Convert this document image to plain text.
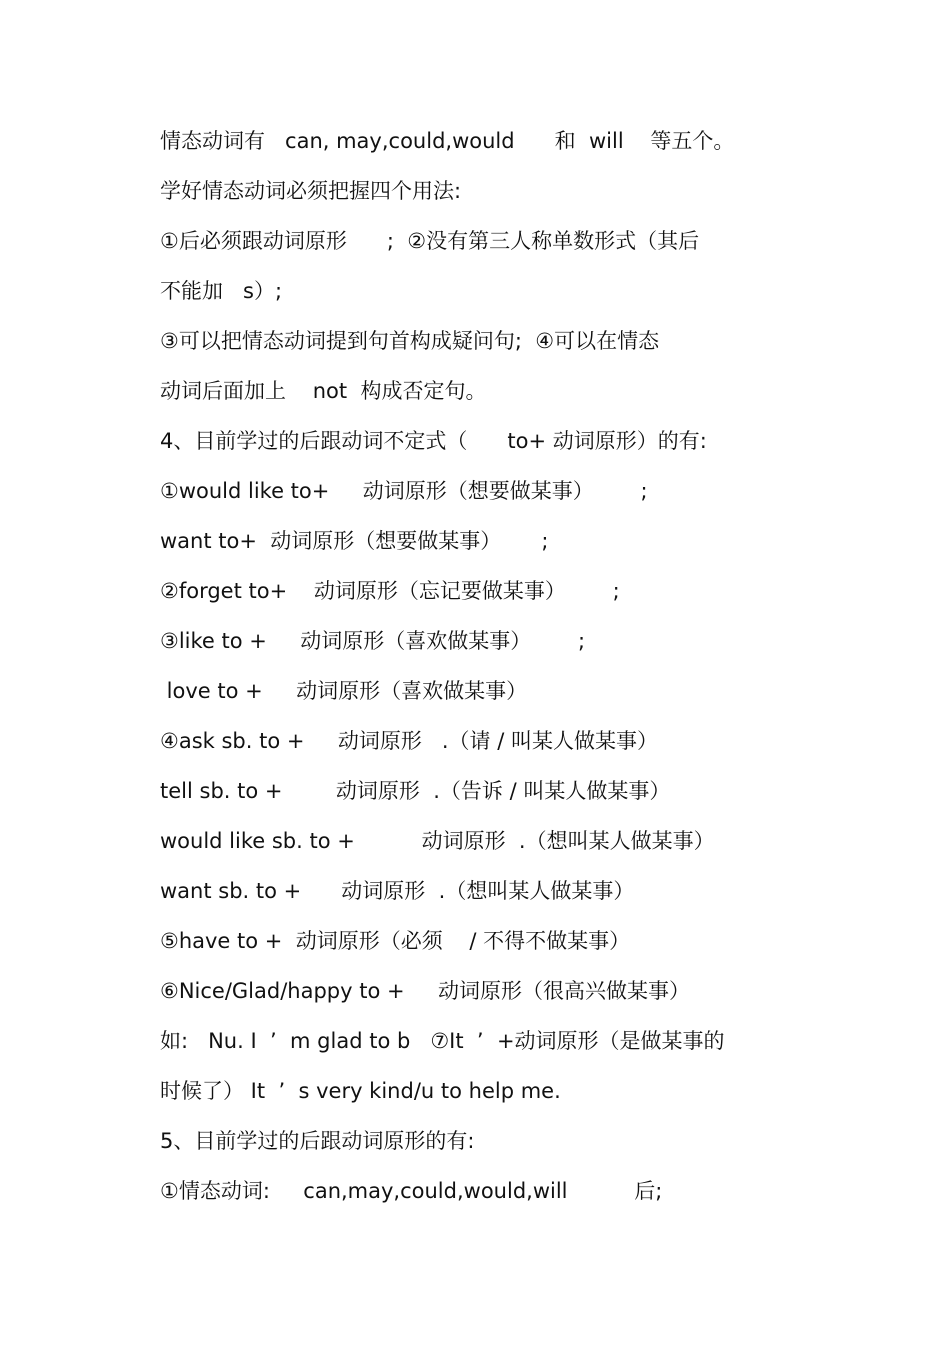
情态动词有   can, may,could,would      和  will    等五个。
学好情态动词必须把握四个用法:
①后必须跟动词原形      ;  ②没有第三人称单数形式（其后
不能加   s）;
③可以把情态动词提到句首构成疑问句;  ④可以在情态
动词后面加上    not  构成否定句。
4、目前学过的后跟动词不定式（      to+ 动词原形）的有:
①would like to+     动词原形（想要做某事）       ;
want to+  动词原形（想要做某事）      ;
②forget to+    动词原形（忘记要做某事）       ;
③like to +     动词原形（喜欢做某事）       ;
love to +     动词原形（喜欢做某事）
④ask sb. to +     动词原形   .（请 / 叫某人做某事）
tell sb. to +        动词原形  .（告诉 / 叫某人做某事）
would like sb. to +          动词原形  .（想叫某人做某事）
want sb. to +      动词原形  .（想叫某人做某事）
⑤have to +  动词原形（必须    / 不得不做某事）
⑥Nice/Glad/happy to +     动词原形（很高兴做某事）
如:   Nu. I  ’  m glad to b   ⑦It  ’  +动词原形（是做某事的
时候了） It  ’  s very kind/u to help me.
5、目前学过的后跟动词原形的有:
①情态动词:     can,may,could,would,will          后;
